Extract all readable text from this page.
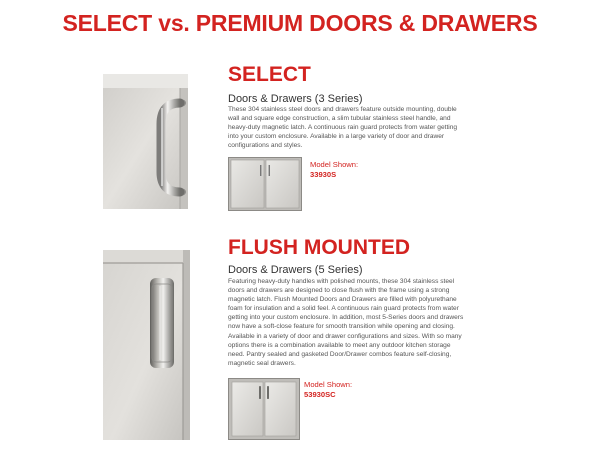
SELECT vs. PREMIUM DOORS & DRAWERS
SELECT
Doors & Drawers (3 Series)
These 304 stainless steel doors and drawers feature outside mounting, double wall and square edge construction, a slim tubular stainless steel handle, and heavy-duty magnetic latch. A continuous rain guard protects from water getting into your custom enclosure. Available in a large variety of door and drawer configurations and styles.
Model Shown:
33930S
FLUSH MOUNTED
Doors & Drawers (5 Series)
Featuring heavy-duty handles with polished mounts, these 304 stainless steel doors and drawers are designed to close flush with the frame using a strong magnetic latch. Flush Mounted Doors and Drawers are filled with polyurethane foam for insulation and a solid feel. A continuous rain guard protects from water getting into your custom enclosure. In addition, most 5-Series doors and drawers now have a soft-close feature for smooth transition while opening and closing. Available in a variety of door and drawer configurations and sizes. With so many options there is a combination available to meet any outdoor kitchen storage need. Pantry sealed and gasketed Door/Drawer combos feature self-closing, magnetic seal drawers.
Model Shown:
53930SC
